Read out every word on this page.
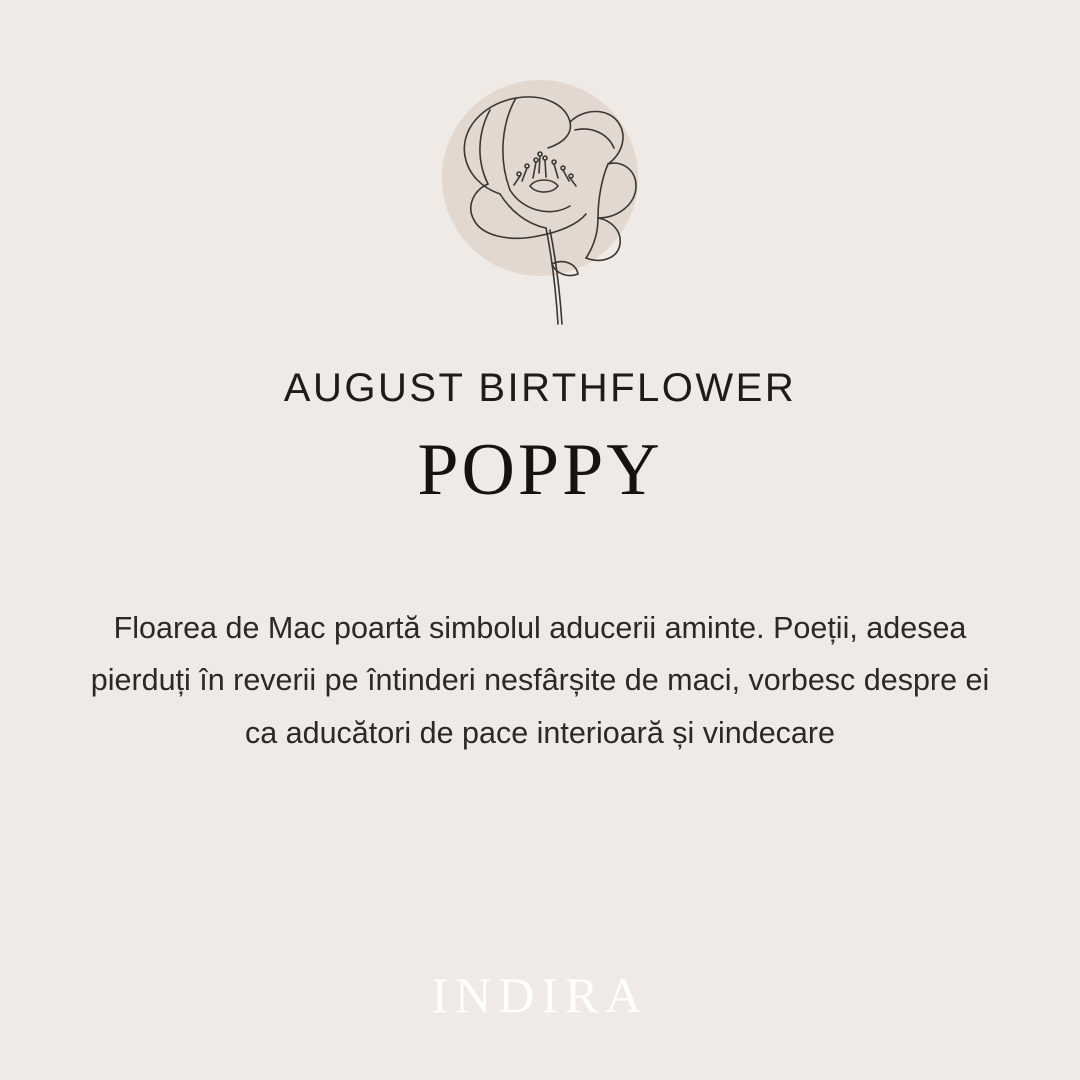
AUGUST BIRTHFLOWER
POPPY
Floarea de Mac poartă simbolul aducerii aminte. Poeții, adesea pierduți în reverii pe întinderi nesfârșite de maci, vorbesc despre ei ca aducători de pace interioară și vindecare
INDIRA
